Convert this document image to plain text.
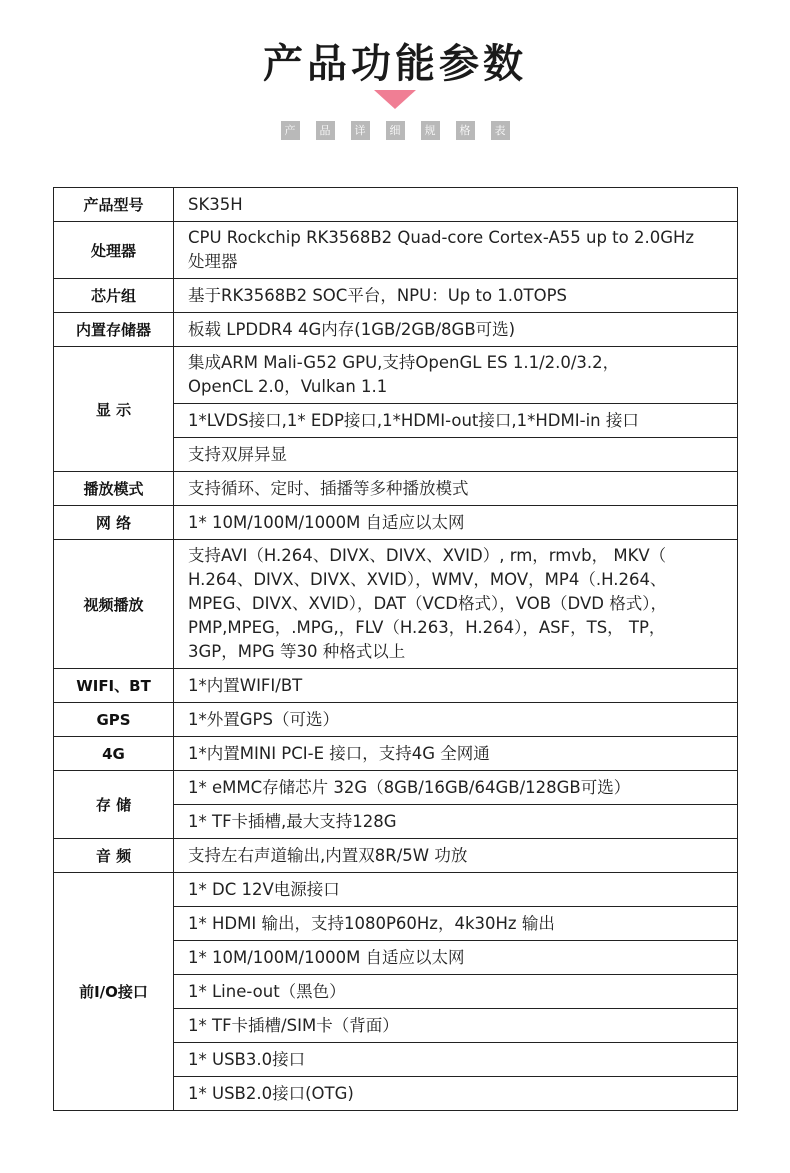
产品功能参数
产	品	详	细	规	格	表
产品型号	SK35H
处理器	CPU Rockchip RK3568B2 Quad-core Cortex-A55 up to 2.0GHz
处理器
芯片组	基于RK3568B2 SOC平台，NPU：Up to 1.0TOPS
内置存储器	板载 LPDDR4 4G内存(1GB/2GB/8GB可选)
显 示	集成ARM Mali-G52 GPU,支持OpenGL ES 1.1/2.0/3.2，
OpenCL 2.0，Vulkan 1.1
	1*LVDS接口,1* EDP接口,1*HDMI-out接口,1*HDMI-in 接口
	支持双屏异显
播放模式	支持循环、定时、插播等多种播放模式
网 络	1* 10M/100M/1000M 自适应以太网
视频播放	支持AVI（H.264、DIVX、DIVX、XVID）, rm，rmvb， MKV（
H.264、DIVX、DIVX、XVID），WMV，MOV，MP4（.H.264、
MPEG、DIVX、XVID），DAT（VCD格式），VOB（DVD 格式），
PMP,MPEG，.MPG,，FLV（H.263，H.264），ASF，TS， TP，
3GP，MPG 等30 种格式以上
WIFI、BT	1*内置WIFI/BT
GPS	1*外置GPS（可选）
4G	1*内置MINI PCI-E 接口，支持4G 全网通
存 储	1* eMMC存储芯片 32G（8GB/16GB/64GB/128GB可选）
	1* TF卡插槽,最大支持128G
音 频	支持左右声道输出,内置双8R/5W 功放
前I/O接口	1* DC 12V电源接口
	1* HDMI 输出，支持1080P60Hz，4k30Hz 输出
	1* 10M/100M/1000M 自适应以太网
	1* Line-out（黑色）
	1* TF卡插槽/SIM卡（背面）
	1* USB3.0接口
	1* USB2.0接口(OTG)
